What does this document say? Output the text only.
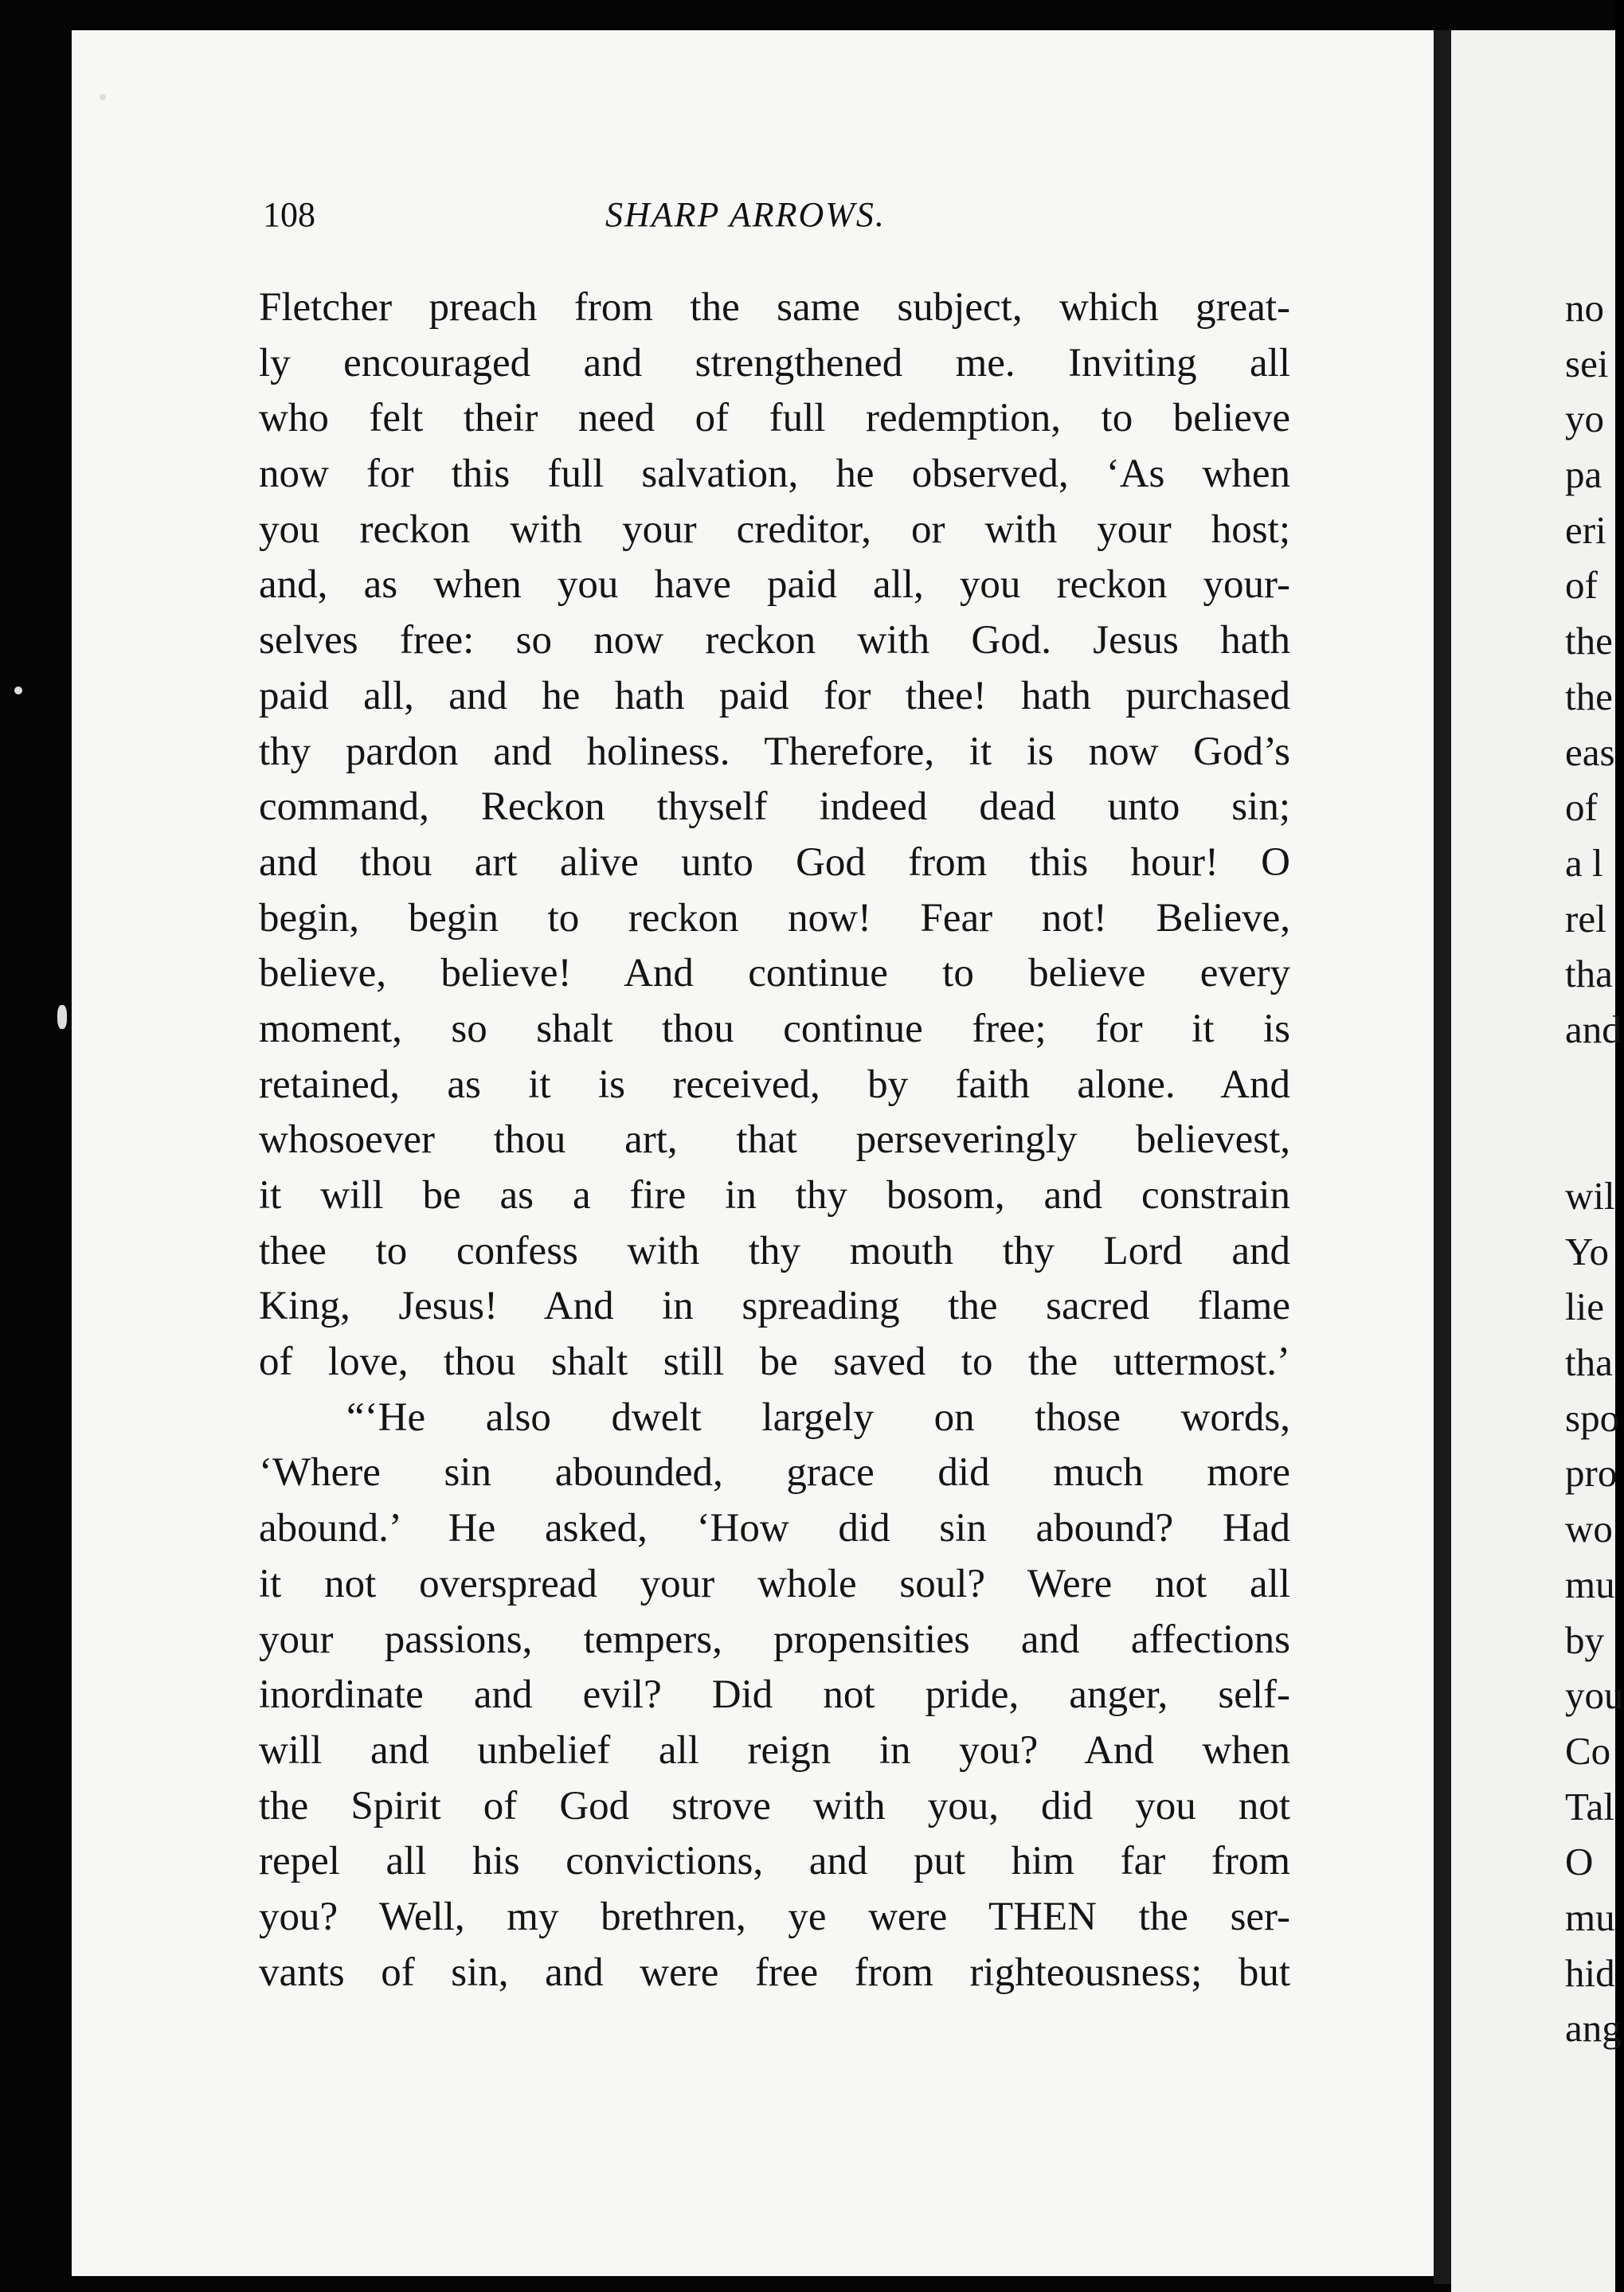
108	SHARP ARROWS.
Fletcher preach from the same subject, which great-
ly encouraged and strengthened me. Inviting all
who felt their need of full redemption, to believe
now for this full salvation, he observed, ‘As when
you reckon with your creditor, or with your host;
and, as when you have paid all, you reckon your-
selves free: so now reckon with God. Jesus hath
paid all, and he hath paid for thee! hath purchased
thy pardon and holiness. Therefore, it is now God’s
command, Reckon thyself indeed dead unto sin;
and thou art alive unto God from this hour! O
begin, begin to reckon now! Fear not! Believe,
believe, believe! And continue to believe every
moment, so shalt thou continue free; for it is
retained, as it is received, by faith alone. And
whosoever thou art, that perseveringly believest,
it will be as a fire in thy bosom, and constrain
thee to confess with thy mouth thy Lord and
King, Jesus! And in spreading the sacred flame
of love, thou shalt still be saved to the uttermost.’
“‘He also dwelt largely on those words,
‘Where sin abounded, grace did much more
abound.’ He asked, ‘How did sin abound? Had
it not overspread your whole soul? Were not all
your passions, tempers, propensities and affections
inordinate and evil? Did not pride, anger, self-
will and unbelief all reign in you? And when
the Spirit of God strove with you, did you not
repel all his convictions, and put him far from
you? Well, my brethren, ye were THEN the ser-
vants of sin, and were free from righteousness; but
no
sei
yo
pa
eri
of
the
the
eas
of
a l
rel
tha
and
wil
Yo
lie
tha
spo
pro
wo
mu
by
you
Co
Tal
O
mu
hid
ang
